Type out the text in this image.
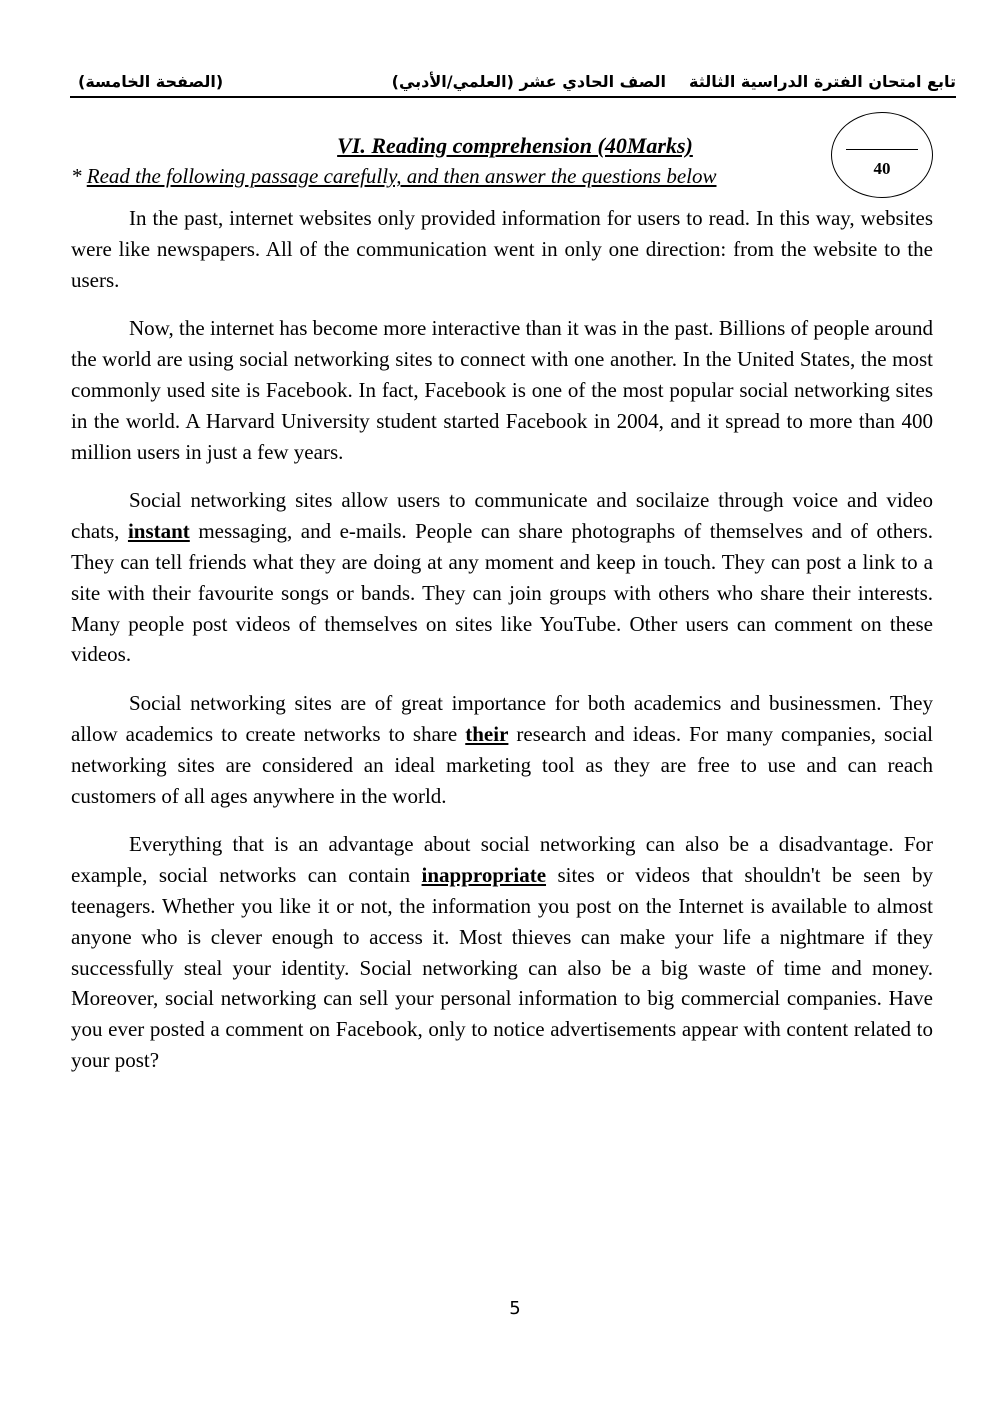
تابع امتحان الفترة الدراسية الثالثة
الصف الحادي عشر (العلمي/الأدبي)
(الصفحة الخامسة)
40
VI. Reading comprehension (40Marks)
* Read the following passage carefully, and then answer the questions below

In the past, internet websites only provided information for users to read. In this way, websites were like newspapers. All of the communication went in only one direction: from the website to the users.

Now, the internet has become more interactive than it was in the past. Billions of people around the world are using social networking sites to connect with one another. In the United States, the most commonly used site is Facebook. In fact, Facebook is one of the most popular social networking sites in the world. A Harvard University student started Facebook in 2004, and it spread to more than 400 million users in just a few years.

Social networking sites allow users to communicate and socilaize through voice and video chats, instant messaging, and e-mails. People can share photographs of themselves and of others. They can tell friends what they are doing at any moment and keep in touch. They can post a link to a site with their favourite songs or bands. They can join groups with others who share their interests. Many people post videos of themselves on sites like YouTube. Other users can comment on these videos.

Social networking sites are of great importance for both academics and businessmen. They allow academics to create networks to share their research and ideas. For many companies, social networking sites are considered an ideal marketing tool as they are free to use and can reach customers of all ages anywhere in the world.

Everything that is an advantage about social networking can also be a disadvantage. For example, social networks can contain inappropriate sites or videos that shouldn't be seen by teenagers. Whether you like it or not, the information you post on the Internet is available to almost anyone who is clever enough to access it. Most thieves can make your life a nightmare if they successfully steal your identity. Social networking can also be a big waste of time and money. Moreover, social networking can sell your personal information to big commercial companies. Have you ever posted a comment on Facebook, only to notice advertisements appear with content related to your post?

5
